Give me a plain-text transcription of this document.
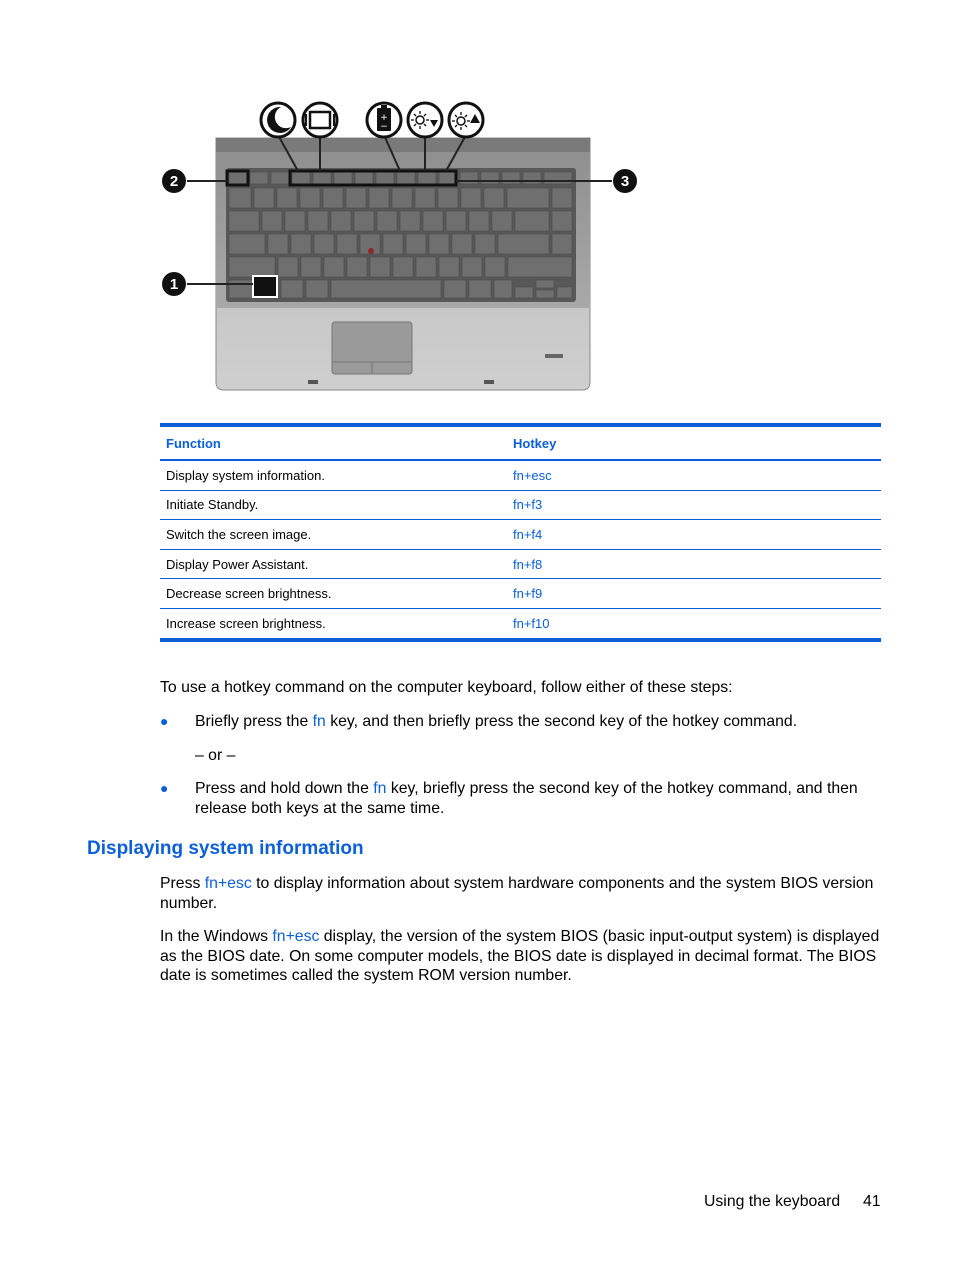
2	3
1
+
−
Function	Hotkey
Display system information.	fn+esc
Initiate Standby.	fn+f3
Switch the screen image.	fn+f4
Display Power Assistant.	fn+f8
Decrease screen brightness.	fn+f9
Increase screen brightness.	fn+f10

To use a hotkey command on the computer keyboard, follow either of these steps:

● Briefly press the fn key, and then briefly press the second key of the hotkey command.

– or –

● Press and hold down the fn key, briefly press the second key of the hotkey command, and then release both keys at the same time.
Displaying system information

Press fn+esc to display information about system hardware components and the system BIOS version number.

In the Windows fn+esc display, the version of the system BIOS (basic input-output system) is displayed as the BIOS date. On some computer models, the BIOS date is displayed in decimal format. The BIOS date is sometimes called the system ROM version number.

Using the keyboard 41
